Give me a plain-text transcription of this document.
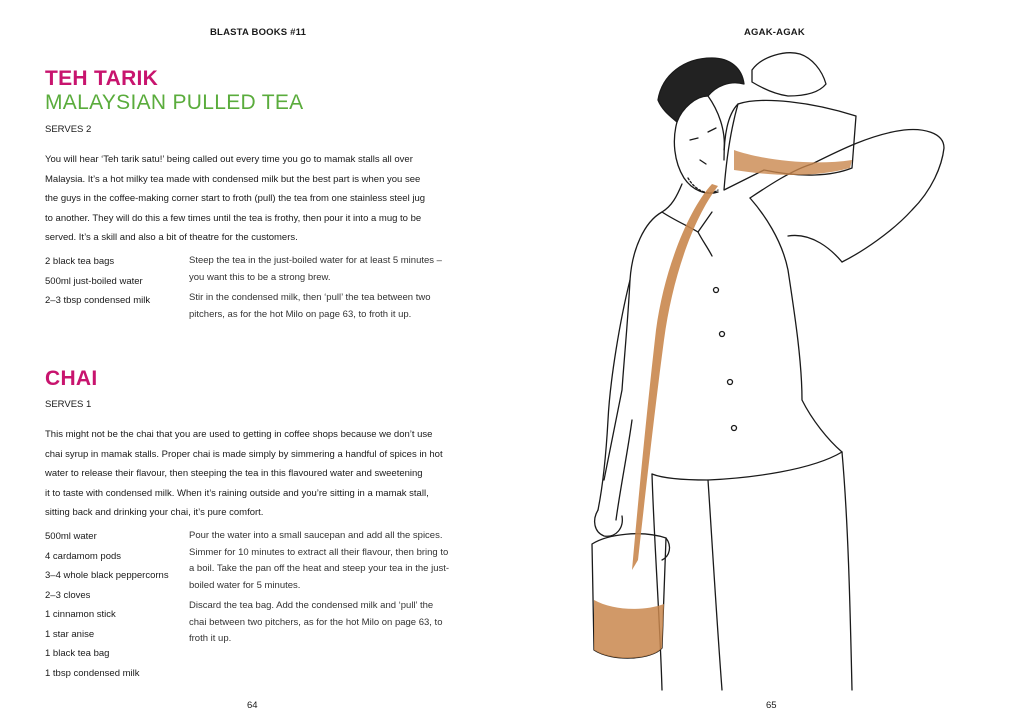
BLASTA BOOKS #11
TEH TARIK
MALAYSIAN PULLED TEA
SERVES 2

You will hear ‘Teh tarik satu!’ being called out every time you go to mamak stalls all over
Malaysia. It’s a hot milky tea made with condensed milk but the best part is when you see
the guys in the coffee-making corner start to froth (pull) the tea from one stainless steel jug
to another. They will do this a few times until the tea is frothy, then pour it into a mug to be
served. It’s a skill and also a bit of theatre for the customers.

2 black tea bags
500ml just-boiled water
2–3 tbsp condensed milk

Steep the tea in the just-boiled water for at least 5 minutes –
you want this to be a strong brew.

Stir in the condensed milk, then ‘pull’ the tea between two
pitchers, as for the hot Milo on page 63, to froth it up.

CHAI
SERVES 1

This might not be the chai that you are used to getting in coffee shops because we don’t use
chai syrup in mamak stalls. Proper chai is made simply by simmering a handful of spices in hot
water to release their flavour, then steeping the tea in this flavoured water and sweetening
it to taste with condensed milk. When it’s raining outside and you’re sitting in a mamak stall,
sitting back and drinking your chai, it’s pure comfort.

500ml water
4 cardamom pods
3–4 whole black peppercorns
2–3 cloves
1 cinnamon stick
1 star anise
1 black tea bag
1 tbsp condensed milk

Pour the water into a small saucepan and add all the spices.
Simmer for 10 minutes to extract all their flavour, then bring to
a boil. Take the pan off the heat and steep your tea in the just-
boiled water for 5 minutes.

Discard the tea bag. Add the condensed milk and ‘pull’ the
chai between two pitchers, as for the hot Milo on page 63, to
froth it up.

64
AGAK-AGAK
65
